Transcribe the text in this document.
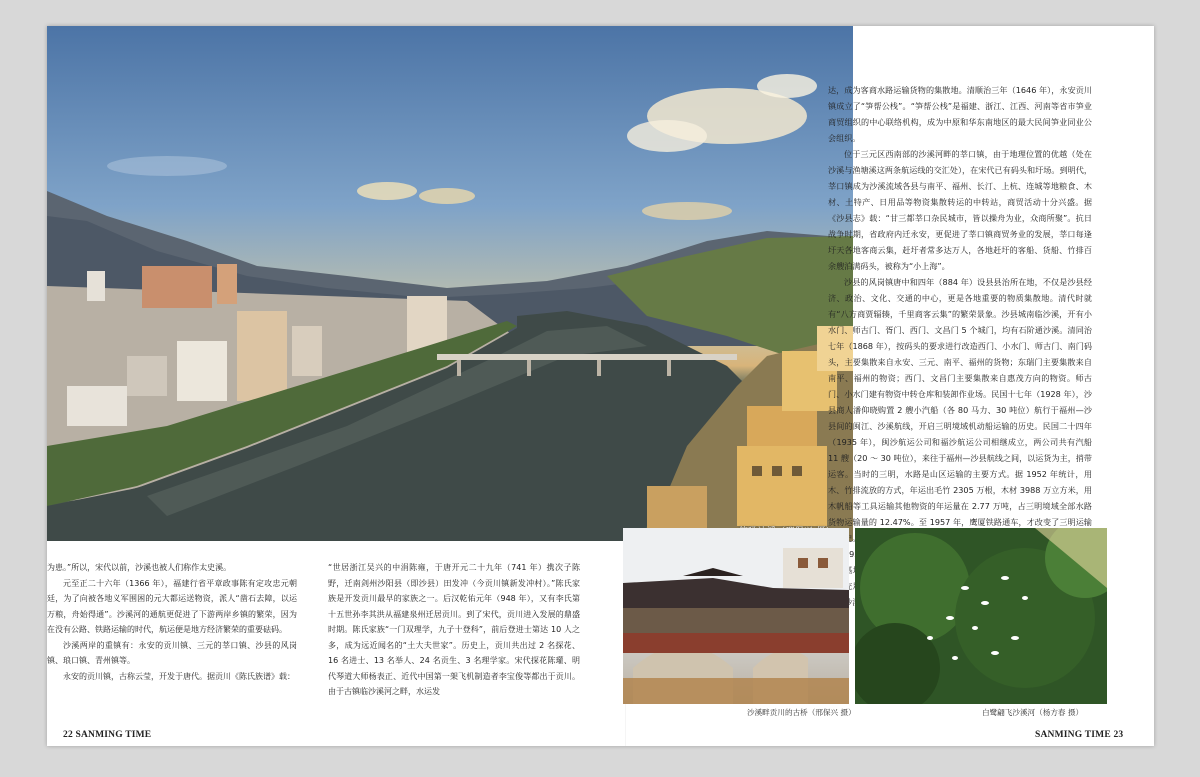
达，成为客商水路运输货物的集散地。清顺治三年（1646 年），永安贡川镇成立了“笋帮公栈”。“笋帮公栈”是福建、浙江、江西、河南等省市笋业商贸组织的中心联络机构，成为中原和华东南地区的最大民间笋业同业公会组织。

位于三元区西南部的沙溪河畔的莘口镇，由于地理位置的优越（处在沙溪与渔塘溪这两条航运线的交汇处），在宋代已有码头和圩场。到明代，莘口镇成为沙溪流域各县与南平、福州、长汀、上杭、连城等地粮食、木材、土特产、日用品等物资集散转运的中转站，商贸活动十分兴盛。据《沙县志》载：“甘三都莘口杂民城市，皆以操舟为业，众商所聚”。抗日战争时期，省政府内迁永安，更促进了莘口镇商贸务业的发展，莘口每逢圩天各地客商云集，赶圩者常多达万人，各地赶圩的客船、货船、竹排百余艘泊满码头，被称为“小上海”。

沙县的风岗镇唐中和四年（884 年）设县县治所在地，不仅是沙县经济、政治、文化、交通的中心，更是各地重要的物质集散地。清代时就有“八方商贾辐辏，千里商客云集”的繁荣景象。沙县城南临沙溪，开有小水门、师古门、胥门、西门、文昌门 5 个城门，均有石阶通沙溪。清同治七年（1868 年），按码头的要求进行改造西门、小水门、师古门、南门码头，主要集散来自永安、三元、南平、福州的货物；东瑞门主要集散来自南平、福州的物资；西门、文昌门主要集散来自惠茂方向的物资。师古门、小水门建有物资中转仓库和装卸作业场。民国十七年（1928 年），沙县商人潘仰晓购置 2 艘小汽船（各 80 马力、30 吨位）航行于福州—沙县间的闽江、沙溪航线，开启三明境域机动船运输的历史。民国二十四年（1935 年），闽沙航运公司和福沙航运公司相继成立，两公司共有汽船 11 艘（20 ～ 30 吨位），来往于福州—沙县航线之间，以运货为主，捎带运客。当时的三明，水路是山区运输的主要方式。据 1952 年统计，用木、竹排流放的方式，年运出毛竹 2305 万根，木材 3988 万立方米，用木帆船等工具运输其他物资的年运量在 2.77 万吨，占三明境域全部水路货物运输量的 12.47%。至 1957 年，鹰厦铁路通车，才改变了三明运输 史。

为患。”所以，宋代以前，沙溪也被人们称作太史溪。

元至正二十六年（1366 年），福建行省平章政事陈有定攻忠元朝廷，为了向被各地义军围困的元大都运送物资，派人“凿石去障，以运万粮，舟始得通”。沙溪河的通航更促进了下游两岸乡镇的繁荣，因为在没有公路、铁路运输的时代，航运便是地方经济繁荣的重要砝码。

沙溪两岸的重镇有：永安的贡川镇、三元的莘口镇、沙县的风岗镇、琅口镇、青州镇等。

永安的贡川镇，古称云莹，开发于唐代。据贡川《陈氏族谱》载：

“世居浙江吴兴的中涓陈雍，于唐开元二十九年（741 年）携次子陈野，迁南剑州沙阳县（即沙县）田发冲（今贡川镇新发冲村）。”陈氏家族是开发贡川最早的家族之一。后汉乾佑元年（948 年），又有李氏第十五世孙李其洪从福建泉州迁居贡川。到了宋代，贡川进入发展的鼎盛时期。陈氏家族“一门双理学，九子十登科”，前后登进士第达 10 人之多，成为远近闻名的“土大夫世家”。历史上，贡川共出过 2 名探花、16 名进士、13 名举人、24 名贡生、3 名理学家。宋代探花陈瓘、明代琴道大师杨表正、近代中国第一架飞机制造者李宝俊等都出于贡川。由于古镇临沙溪河之畔，水运发

沙溪畔贡川的古桥（邢保兴 摄）	白鹭翩飞沙溪河（杨方春 摄）
22 SANMING TIME	SANMING TIME 23
